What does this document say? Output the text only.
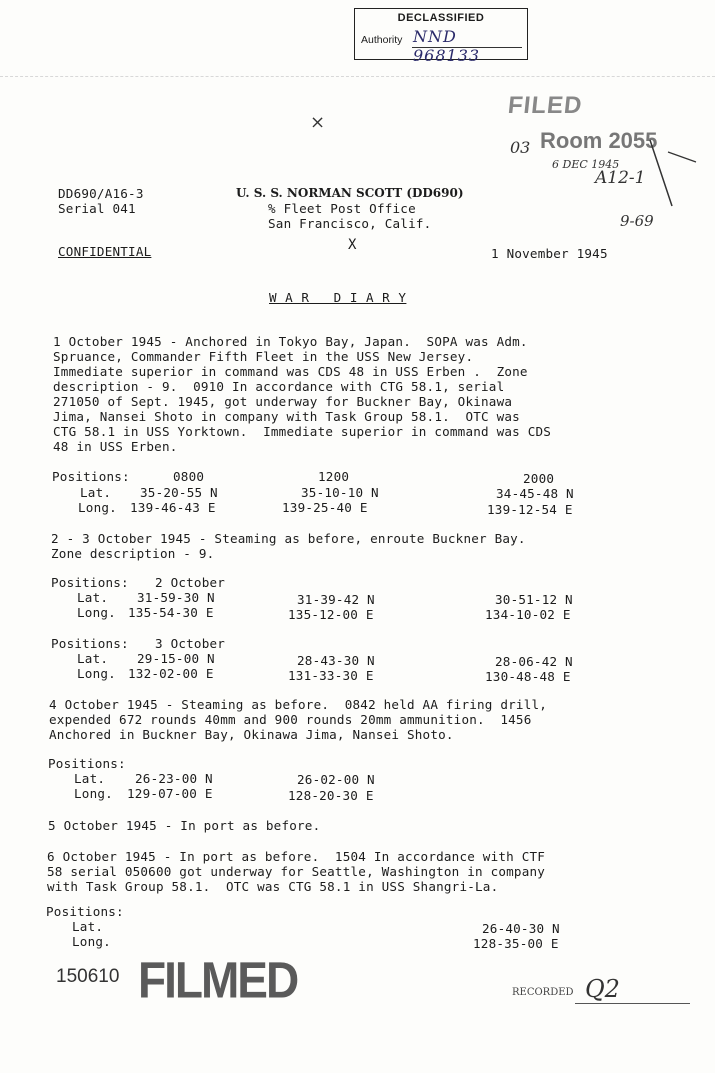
DECLASSIFIED
Authority NND 968133
FILED
Room 2055
03
6 DEC 1945
A12-1
9-69
×
X
DD690/A16-3
Serial 041
U. S. S. NORMAN SCOTT (DD690)
% Fleet Post Office
San Francisco, Calif.
CONFIDENTIAL	1 November 1945
W A R   D I A R Y
1 October 1945 - Anchored in Tokyo Bay, Japan.  SOPA was Adm.
Spruance, Commander Fifth Fleet in the USS New Jersey.
Immediate superior in command was CDS 48 in USS Erben .  Zone
description - 9.  0910 In accordance with CTG 58.1, serial
271050 of Sept. 1945, got underway for Buckner Bay, Okinawa
Jima, Nansei Shoto in company with Task Group 58.1.  OTC was
CTG 58.1 in USS Yorktown.  Immediate superior in command was CDS
48 in USS Erben.
Positions:	0800	1200	2000
Lat. 35-20-55 N	35-10-10 N	34-45-48 N
Long. 139-46-43 E	139-25-40 E	139-12-54 E
2 - 3 October 1945 - Steaming as before, enroute Buckner Bay.
Zone description - 9.
Positions: 2 October
Lat. 31-59-30 N	31-39-42 N	30-51-12 N
Long. 135-54-30 E	135-12-00 E	134-10-02 E
Positions: 3 October
Lat. 29-15-00 N	28-43-30 N	28-06-42 N
Long. 132-02-00 E	131-33-30 E	130-48-48 E
4 October 1945 - Steaming as before.  0842 held AA firing drill,
expended 672 rounds 40mm and 900 rounds 20mm ammunition.  1456
Anchored in Buckner Bay, Okinawa Jima, Nansei Shoto.
Positions:
Lat. 26-23-00 N	26-02-00 N
Long. 129-07-00 E	128-20-30 E
5 October 1945 - In port as before.
6 October 1945 - In port as before.  1504 In accordance with CTF
58 serial 050600 got underway for Seattle, Washington in company
with Task Group 58.1.  OTC was CTG 58.1 in USS Shangri-La.
Positions:
Lat.	26-40-30 N
Long.	128-35-00 E
150610 FILMED	RECORDED Q2
